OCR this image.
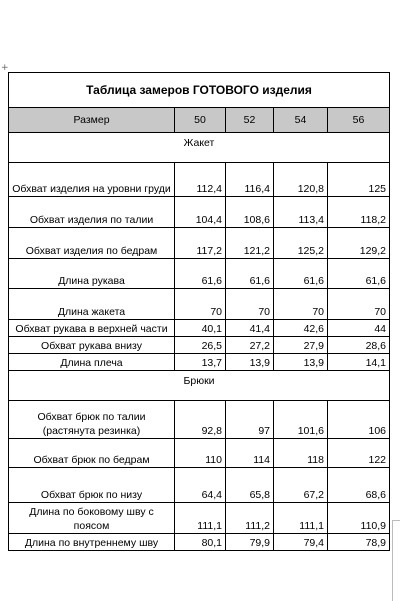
+
Таблица замеров ГОТОВОГО изделия				
Размер	50	52	54	56
Жакет				
Обхват изделия на уровни груди	112,4	116,4	120,8	125
Обхват изделия по талии	104,4	108,6	113,4	118,2
Обхват изделия по бедрам	117,2	121,2	125,2	129,2
Длина рукава	61,6	61,6	61,6	61,6
Длина жакета	70	70	70	70
Обхват рукава в верхней части	40,1	41,4	42,6	44
Обхват рукава внизу	26,5	27,2	27,9	28,6
Длина плеча	13,7	13,9	13,9	14,1
Брюки				
Обхват брюк по талии (растянута резинка)	92,8	97	101,6	106
Обхват брюк по бедрам	110	114	118	122
Обхват брюк по низу	64,4	65,8	67,2	68,6
Длина по боковому шву с поясом	111,1	111,2	111,1	110,9
Длина по внутреннему шву	80,1	79,9	79,4	78,9
